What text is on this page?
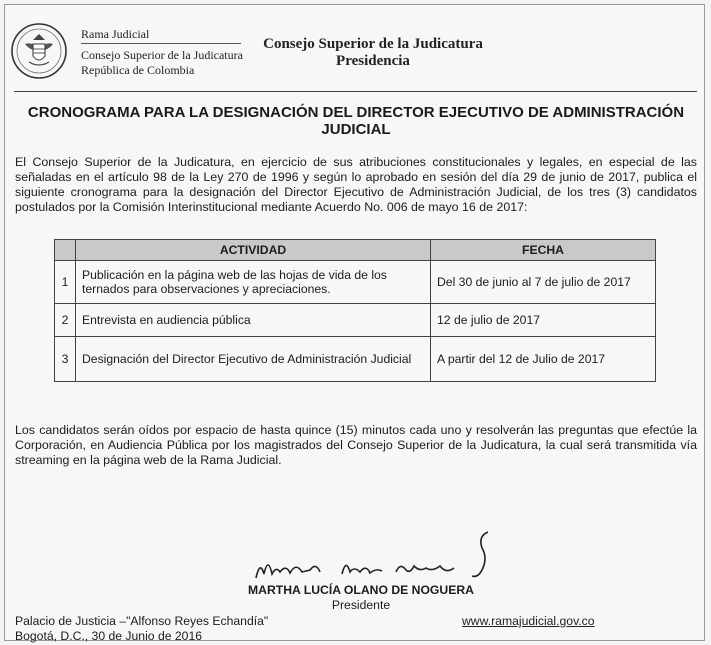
Rama Judicial
Consejo Superior de la Judicatura
República de Colombia
Consejo Superior de la Judicatura
Presidencia
CRONOGRAMA PARA LA DESIGNACIÓN DEL DIRECTOR EJECUTIVO DE ADMINISTRACIÓN JUDICIAL
El Consejo Superior de la Judicatura, en ejercicio de sus atribuciones constitucionales y legales, en especial de las señaladas en el artículo 98 de la Ley 270 de 1996 y según lo aprobado en sesión del día 29 de junio de 2017, publica el siguiente cronograma para la designación del Director Ejecutivo de Administración Judicial, de los tres (3) candidatos postulados por la Comisión Interinstitucional mediante Acuerdo No. 006 de mayo 16 de 2017:
	ACTIVIDAD	FECHA
1	Publicación en la página web de las hojas de vida de los ternados para observaciones y apreciaciones.	Del 30 de junio al 7 de julio de 2017
2	Entrevista en audiencia pública	12 de julio de 2017
3	Designación del Director Ejecutivo de Administración Judicial	A partir del 12 de Julio de 2017
Los candidatos serán oídos por espacio de hasta quince (15) minutos cada uno y resolverán las preguntas que efectúe la Corporación, en Audiencia Pública por los magistrados del Consejo Superior de la Judicatura, la cual será transmitida vía streaming en la página web de la Rama Judicial.
MARTHA LUCÍA OLANO DE NOGUERA
Presidente
Palacio de Justicia –"Alfonso Reyes Echandía"
Bogotá, D.C., 30 de Junio de 2016
www.ramajudicial.gov.co
